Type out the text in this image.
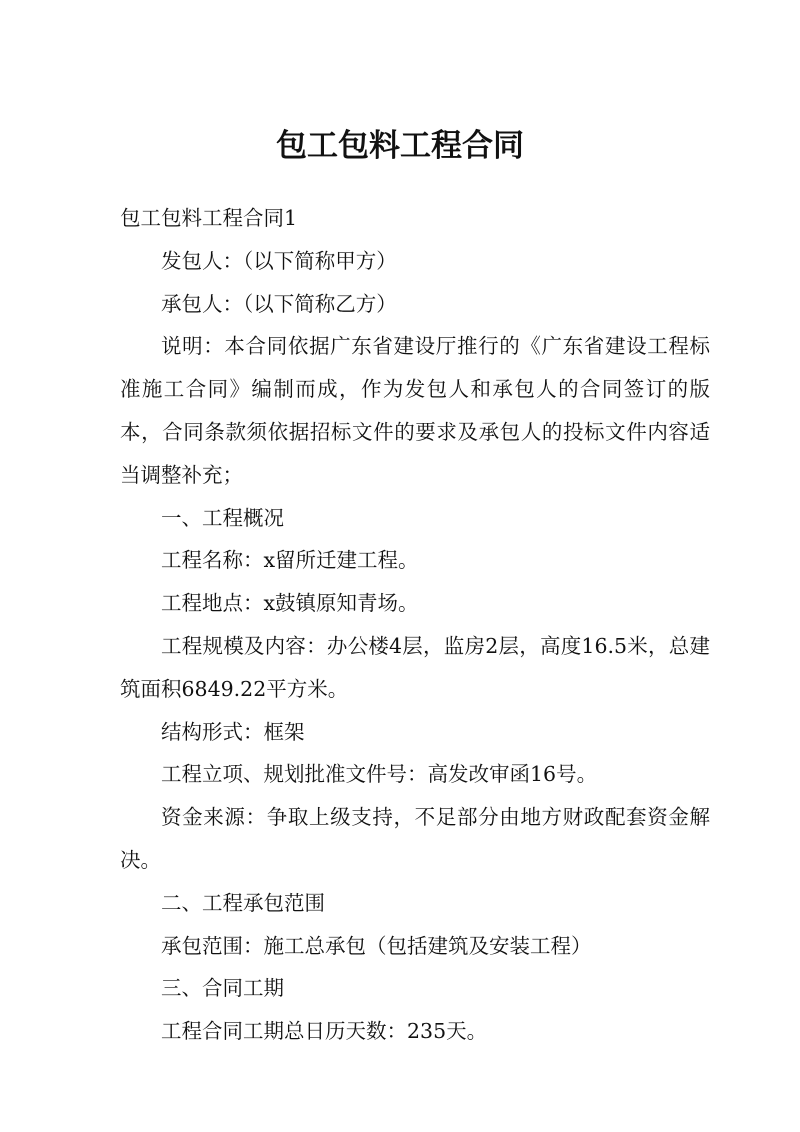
包工包料工程合同

包工包料工程合同1

发包人：（以下简称甲方）

承包人：（以下简称乙方）

说明：本合同依据广东省建设厅推行的《广东省建设工程标准施工合同》编制而成，作为发包人和承包人的合同签订的版本，合同条款须依据招标文件的要求及承包人的投标文件内容适当调整补充；

一、工程概况

工程名称：x留所迁建工程。

工程地点：x鼓镇原知青场。

工程规模及内容：办公楼4层，监房2层，高度16.5米，总建筑面积6849.22平方米。

结构形式：框架

工程立项、规划批准文件号：高发改审函16号。

资金来源：争取上级支持，不足部分由地方财政配套资金解决。

二、工程承包范围

承包范围：施工总承包（包括建筑及安装工程）

三、合同工期

工程合同工期总日历天数：235天。
